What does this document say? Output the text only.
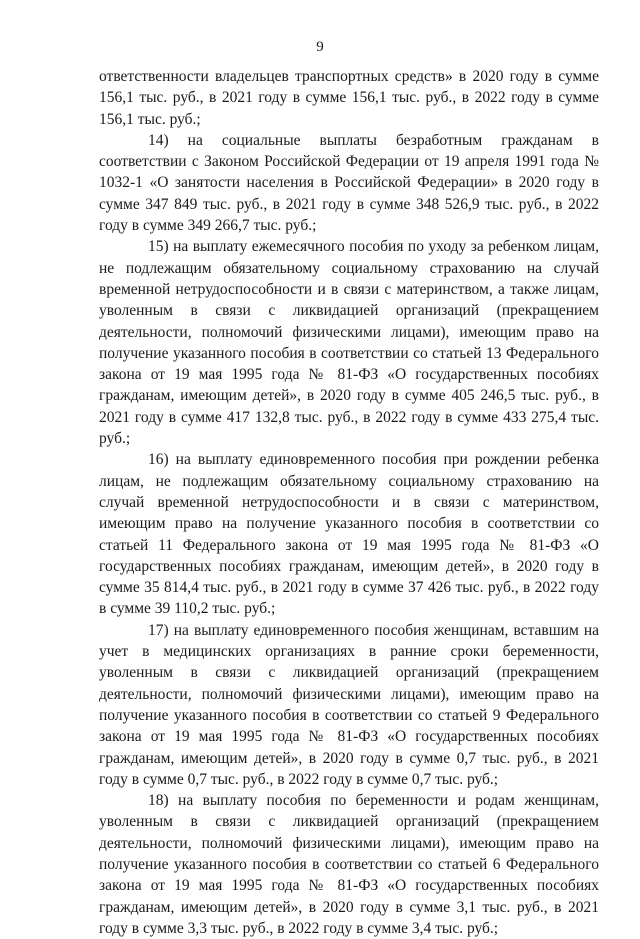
9

ответственности владельцев транспортных средств» в 2020 году в сумме 156,1 тыс. руб., в 2021 году в сумме 156,1 тыс. руб., в 2022 году в сумме 156,1 тыс. руб.;

14) на социальные выплаты безработным гражданам в соответствии с Законом Российской Федерации от 19 апреля 1991 года № 1032-1 «О занятости населения в Российской Федерации» в 2020 году в сумме 347 849 тыс. руб., в 2021 году в сумме 348 526,9 тыс. руб., в 2022 году в сумме 349 266,7 тыс. руб.;

15) на выплату ежемесячного пособия по уходу за ребенком лицам, не подлежащим обязательному социальному страхованию на случай временной нетрудоспособности и в связи с материнством, а также лицам, уволенным в связи с ликвидацией организаций (прекращением деятельности, полномочий физическими лицами), имеющим право на получение указанного пособия в соответствии со статьей 13 Федерального закона от 19 мая 1995 года № 81-ФЗ «О государственных пособиях гражданам, имеющим детей», в 2020 году в сумме 405 246,5 тыс. руб., в 2021 году в сумме 417 132,8 тыс. руб., в 2022 году в сумме 433 275,4 тыс. руб.;

16) на выплату единовременного пособия при рождении ребенка лицам, не подлежащим обязательному социальному страхованию на случай временной нетрудоспособности и в связи с материнством, имеющим право на получение указанного пособия в соответствии со статьей 11 Федерального закона от 19 мая 1995 года № 81-ФЗ «О государственных пособиях гражданам, имеющим детей», в 2020 году в сумме 35 814,4 тыс. руб., в 2021 году в сумме 37 426 тыс. руб., в 2022 году в сумме 39 110,2 тыс. руб.;

17) на выплату единовременного пособия женщинам, вставшим на учет в медицинских организациях в ранние сроки беременности, уволенным в связи с ликвидацией организаций (прекращением деятельности, полномочий физическими лицами), имеющим право на получение указанного пособия в соответствии со статьей 9 Федерального закона от 19 мая 1995 года № 81-ФЗ «О государственных пособиях гражданам, имеющим детей», в 2020 году в сумме 0,7 тыс. руб., в 2021 году в сумме 0,7 тыс. руб., в 2022 году в сумме 0,7 тыс. руб.;

18) на выплату пособия по беременности и родам женщинам, уволенным в связи с ликвидацией организаций (прекращением деятельности, полномочий физическими лицами), имеющим право на получение указанного пособия в соответствии со статьей 6 Федерального закона от 19 мая 1995 года № 81-ФЗ «О государственных пособиях гражданам, имеющим детей», в 2020 году в сумме 3,1 тыс. руб., в 2021 году в сумме 3,3 тыс. руб., в 2022 году в сумме 3,4 тыс. руб.;
